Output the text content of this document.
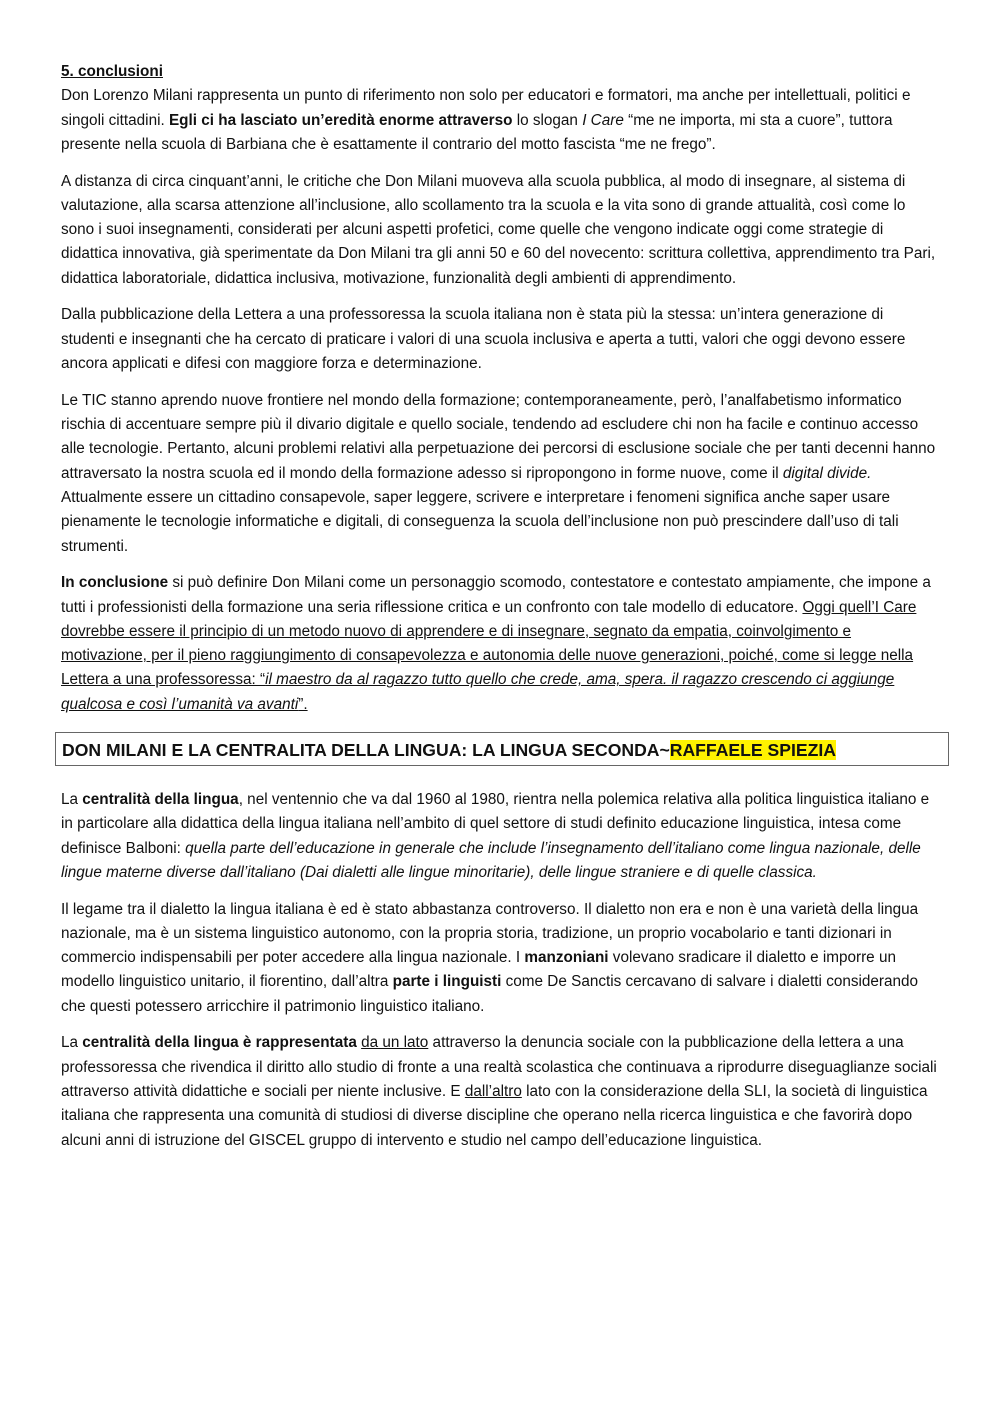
5. conclusioni

Don Lorenzo Milani rappresenta un punto di riferimento non solo per educatori e formatori, ma anche per intellettuali, politici e singoli cittadini. Egli ci ha lasciato un’eredità enorme attraverso lo slogan I Care “me ne importa, mi sta a cuore”, tuttora presente nella scuola di Barbiana che è esattamente il contrario del motto fascista “me ne frego”.

A distanza di circa cinquant’anni, le critiche che Don Milani muoveva alla scuola pubblica, al modo di insegnare, al sistema di valutazione, alla scarsa attenzione all’inclusione, allo scollamento tra la scuola e la vita sono di grande attualità, così come lo sono i suoi insegnamenti, considerati per alcuni aspetti profetici, come quelle che vengono indicate oggi come strategie di didattica innovativa, già sperimentate da Don Milani tra gli anni 50 e 60 del novecento: scrittura collettiva, apprendimento tra Pari, didattica laboratoriale, didattica inclusiva, motivazione, funzionalità degli ambienti di apprendimento.

Dalla pubblicazione della Lettera a una professoressa la scuola italiana non è stata più la stessa: un’intera generazione di studenti e insegnanti che ha cercato di praticare i valori di una scuola inclusiva e aperta a tutti, valori che oggi devono essere ancora applicati e difesi con maggiore forza e determinazione.

Le TIC stanno aprendo nuove frontiere nel mondo della formazione; contemporaneamente, però, l’analfabetismo informatico rischia di accentuare sempre più il divario digitale e quello sociale, tendendo ad escludere chi non ha facile e continuo accesso alle tecnologie. Pertanto, alcuni problemi relativi alla perpetuazione dei percorsi di esclusione sociale che per tanti decenni hanno attraversato la nostra scuola ed il mondo della formazione adesso si ripropongono in forme nuove, come il digital divide. Attualmente essere un cittadino consapevole, saper leggere, scrivere e interpretare i fenomeni significa anche saper usare pienamente le tecnologie informatiche e digitali, di conseguenza la scuola dell’inclusione non può prescindere dall’uso di tali strumenti.

In conclusione si può definire Don Milani come un personaggio scomodo, contestatore e contestato ampiamente, che impone a tutti i professionisti della formazione una seria riflessione critica e un confronto con tale modello di educatore. Oggi quell’I Care dovrebbe essere il principio di un metodo nuovo di apprendere e di insegnare, segnato da empatia, coinvolgimento e motivazione, per il pieno raggiungimento di consapevolezza e autonomia delle nuove generazioni, poiché, come si legge nella Lettera a una professoressa: “il maestro da al ragazzo tutto quello che crede, ama, spera. il ragazzo crescendo ci aggiunge qualcosa e così l’umanità va avanti”.

DON MILANI E LA CENTRALITA DELLA LINGUA: LA LINGUA SECONDA~RAFFAELE SPIEZIA

La centralità della lingua, nel ventennio che va dal 1960 al 1980, rientra nella polemica relativa alla politica linguistica italiano e in particolare alla didattica della lingua italiana nell’ambito di quel settore di studi definito educazione linguistica, intesa come definisce Balboni: quella parte dell’educazione in generale che include l’insegnamento dell’italiano come lingua nazionale, delle lingue materne diverse dall’italiano (Dai dialetti alle lingue minoritarie), delle lingue straniere e di quelle classica.

Il legame tra il dialetto la lingua italiana è ed è stato abbastanza controverso. Il dialetto non era e non è una varietà della lingua nazionale, ma è un sistema linguistico autonomo, con la propria storia, tradizione, un proprio vocabolario e tanti dizionari in commercio indispensabili per poter accedere alla lingua nazionale. I manzoniani volevano sradicare il dialetto e imporre un modello linguistico unitario, il fiorentino, dall’altra parte i linguisti come De Sanctis cercavano di salvare i dialetti considerando che questi potessero arricchire il patrimonio linguistico italiano.

La centralità della lingua è rappresentata da un lato attraverso la denuncia sociale con la pubblicazione della lettera a una professoressa che rivendica il diritto allo studio di fronte a una realtà scolastica che continuava a riprodurre diseguaglianze sociali attraverso attività didattiche e sociali per niente inclusive. E dall’altro lato con la considerazione della SLI, la società di linguistica italiana che rappresenta una comunità di studiosi di diverse discipline che operano nella ricerca linguistica e che favorirà dopo alcuni anni di istruzione del GISCEL gruppo di intervento e studio nel campo dell’educazione linguistica.
